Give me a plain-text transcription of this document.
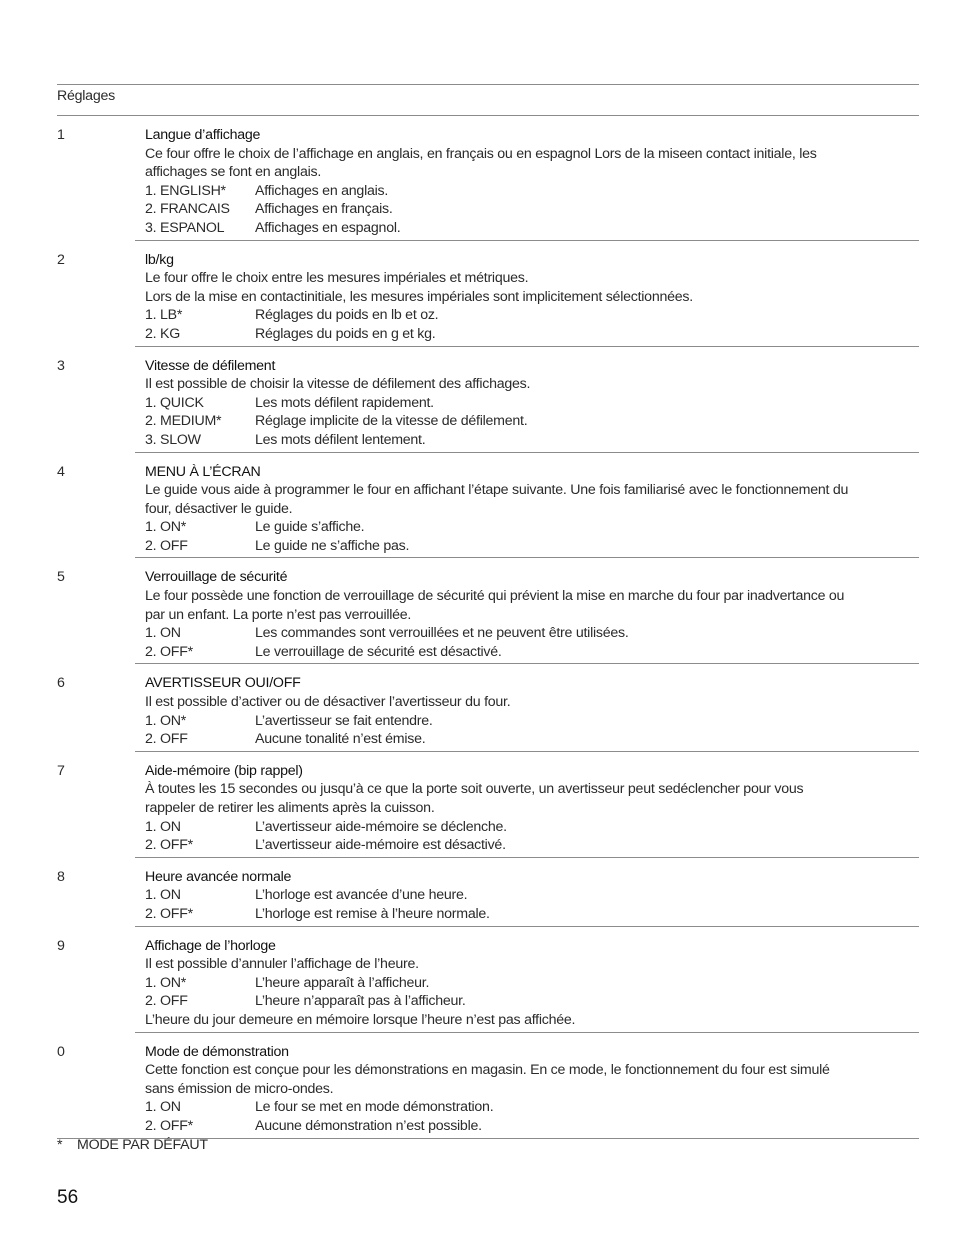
Réglages
1	Langue d’affichage
Ce four offre le choix de l’affichage en anglais, en français ou en espagnol Lors de la miseen contact initiale, les
affichages se font en anglais.
1. ENGLISH*	Affichages en anglais.
2. FRANCAIS	Affichages en français.
3. ESPANOL	Affichages en espagnol.
2	lb/kg
Le four offre le choix entre les mesures impériales et métriques.
Lors de la mise en contactinitiale, les mesures impériales sont implicitement sélectionnées.
1. LB*	Réglages du poids en lb et oz.
2. KG	Réglages du poids en g et kg.
3	Vitesse de défilement
Il est possible de choisir la vitesse de défilement des affichages.
1. QUICK	Les mots défilent rapidement.
2. MEDIUM*	Réglage implicite de la vitesse de défilement.
3. SLOW	Les mots défilent lentement.
4	MENU À L’ÉCRAN
Le guide vous aide à programmer le four en affichant l’étape suivante. Une fois familiarisé avec le fonctionnement du
four, désactiver le guide.
1. ON*	Le guide s’affiche.
2. OFF	Le guide ne s’affiche pas.
5	Verrouillage de sécurité
Le four possède une fonction de verrouillage de sécurité qui prévient la mise en marche du four par inadvertance ou
par un enfant. La porte n’est pas verrouillée.
1. ON	Les commandes sont verrouillées et ne peuvent être utilisées.
2. OFF*	Le verrouillage de sécurité est désactivé.
6	AVERTISSEUR OUI/OFF
Il est possible d’activer ou de désactiver l’avertisseur du four.
1. ON*	L’avertisseur se fait entendre.
2. OFF	Aucune tonalité n’est émise.
7	Aide-mémoire (bip rappel)
À toutes les 15 secondes ou jusqu’à ce que la porte soit ouverte, un avertisseur peut sedéclencher pour vous
rappeler de retirer les aliments après la cuisson.
1. ON	L’avertisseur aide-mémoire se déclenche.
2. OFF*	L’avertisseur aide-mémoire est désactivé.
8	Heure avancée normale
1. ON	L’horloge est avancée d’une heure.
2. OFF*	L’horloge est remise à l’heure normale.
9	Affichage de l’horloge
Il est possible d’annuler l’affichage de l’heure.
1. ON*	L’heure apparaît à l’afficheur.
2. OFF	L’heure n’apparaît pas à l’afficheur.
L’heure du jour demeure en mémoire lorsque l’heure n’est pas affichée.
0	Mode de démonstration
Cette fonction est conçue pour les démonstrations en magasin. En ce mode, le fonctionnement du four est simulé
sans émission de micro-ondes.
1. ON	Le four se met en mode démonstration.
2. OFF*	Aucune démonstration n’est possible.
*	MODE PAR DÉFAUT
56
